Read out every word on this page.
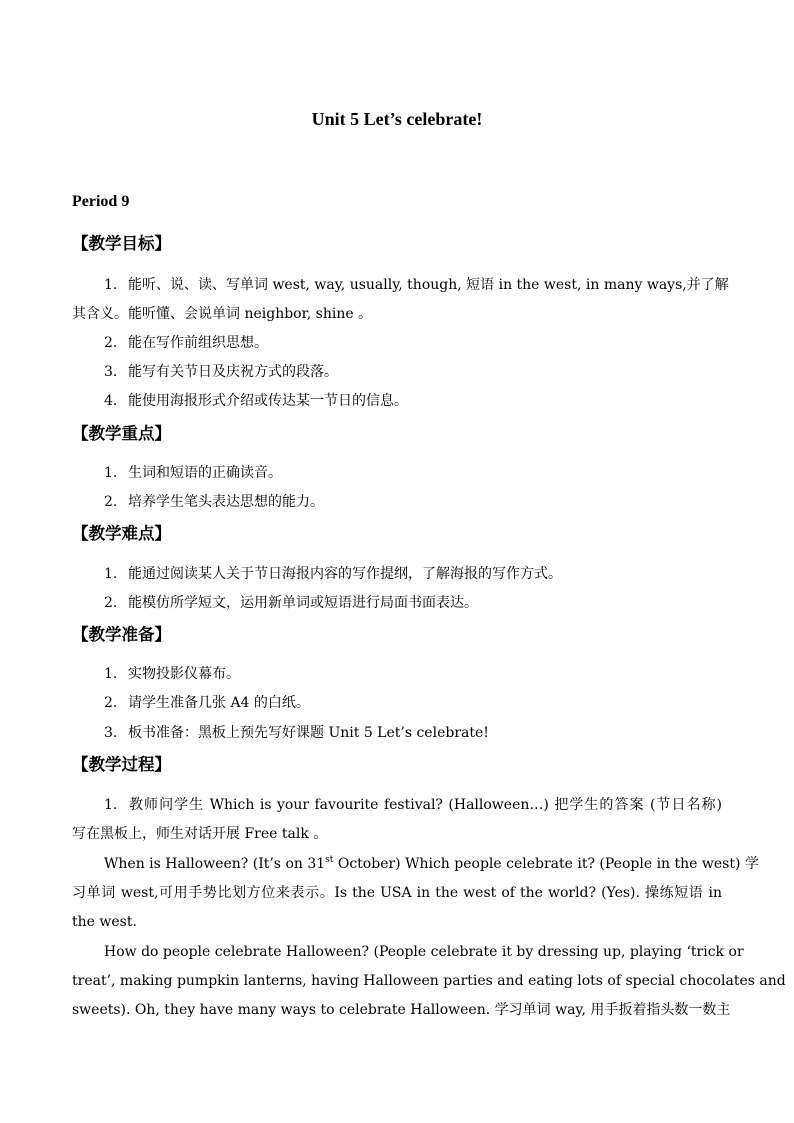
Unit 5 Let’s celebrate!
Period 9
【教学目标】
1. 能听、说、读、写单词 west, way, usually, though, 短语 in the west, in many ways,并了解
其含义。能听懂、会说单词 neighbor, shine 。
2. 能在写作前组织思想。
3. 能写有关节日及庆祝方式的段落。
4. 能使用海报形式介绍或传达某一节日的信息。
【教学重点】
1. 生词和短语的正确读音。
2. 培养学生笔头表达思想的能力。
【教学难点】
1. 能通过阅读某人关于节日海报内容的写作提纲，了解海报的写作方式。
2. 能模仿所学短文，运用新单词或短语进行局面书面表达。
【教学准备】
1. 实物投影仪幕布。
2. 请学生准备几张 A4 的白纸。
3. 板书准备：黑板上预先写好课题 Unit 5 Let’s celebrate!
【教学过程】
1. 教师问学生 Which is your favourite festival? (Halloween…) 把学生的答案 (节日名称)
写在黑板上，师生对话开展 Free talk 。
When is Halloween? (It’s on 31st October) Which people celebrate it? (People in the west) 学
习单词 west,可用手势比划方位来表示。Is the USA in the west of the world? (Yes). 操练短语 in
the west.
How do people celebrate Halloween? (People celebrate it by dressing up, playing ‘trick or
treat’, making pumpkin lanterns, having Halloween parties and eating lots of special chocolates and
sweets). Oh, they have many ways to celebrate Halloween. 学习单词 way, 用手扳着指头数一数主
